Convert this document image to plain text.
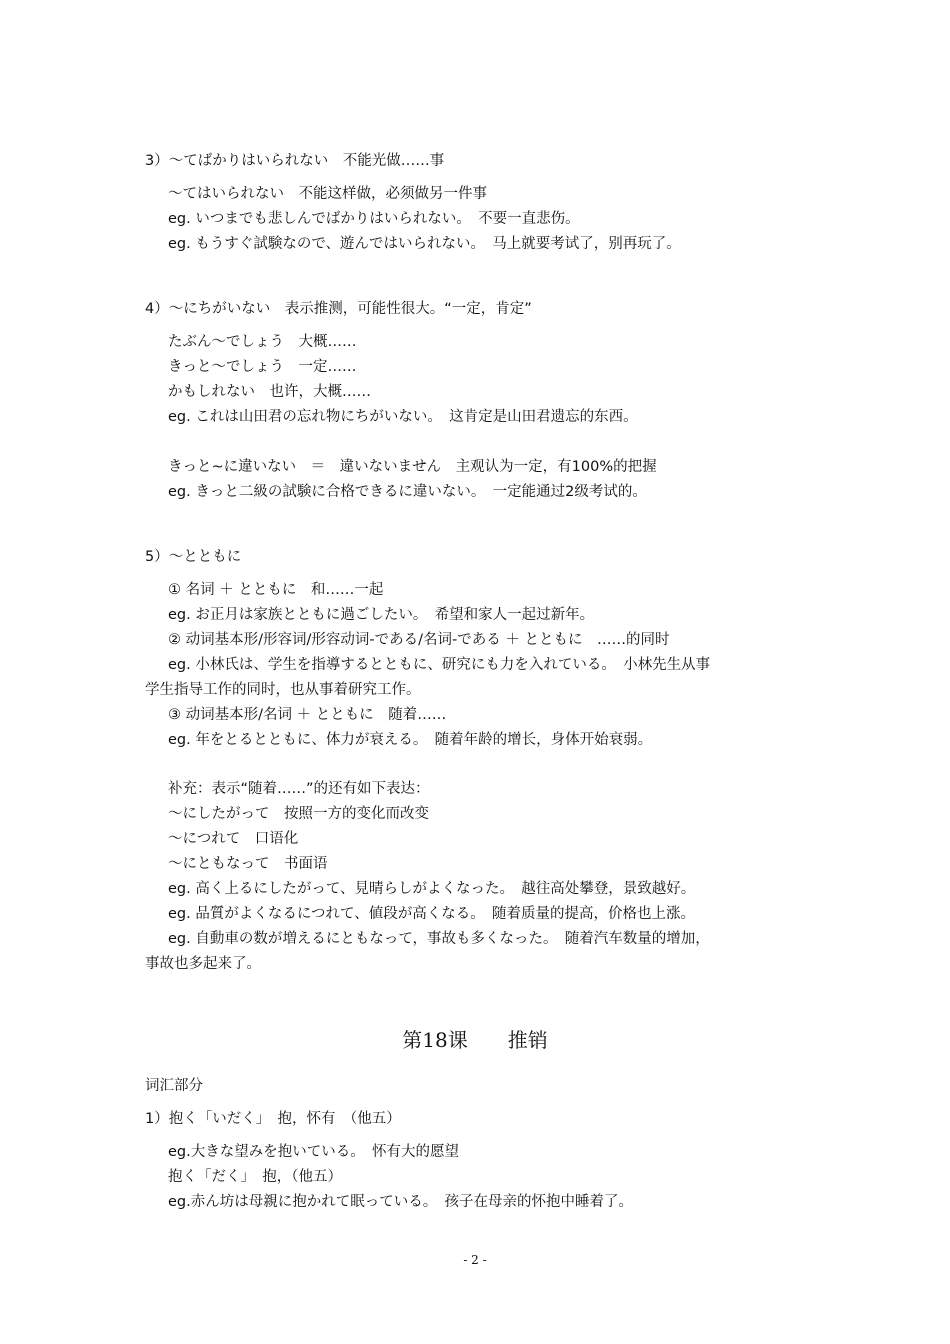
3）～てばかりはいられない　不能光做……事
～てはいられない　不能这样做，必须做另一件事
eg. いつまでも悲しんでばかりはいられない。　不要一直悲伤。
eg. もうすぐ試験なので、遊んではいられない。　马上就要考试了，别再玩了。
4）～にちがいない　表示推测，可能性很大。“一定，肯定”
たぶん～でしょう　大概……
きっと～でしょう　一定……
かもしれない　也许，大概……
eg. これは山田君の忘れ物にちがいない。　这肯定是山田君遗忘的东西。
きっと~に違いない　＝　違いないません　主观认为一定，有100%的把握
eg. きっと二級の試験に合格できるに違いない。　一定能通过2级考试的。
5）～とともに
① 名词 ＋ とともに　和……一起
eg. お正月は家族とともに過ごしたい。　希望和家人一起过新年。
② 动词基本形/形容词/形容动词-である/名词-である ＋ とともに　……的同时
eg. 小林氏は、学生を指導するとともに、研究にも力を入れている。　小林先生从事
学生指导工作的同时，也从事着研究工作。
③ 动词基本形/名词 ＋ とともに　随着……
eg. 年をとるとともに、体力が衰える。　随着年龄的增长，身体开始衰弱。
补充：表示“随着……”的还有如下表达：
～にしたがって　按照一方的变化而改变
～につれて　口语化
～にともなって　书面语
eg. 高く上るにしたがって、見晴らしがよくなった。　越往高处攀登，景致越好。
eg. 品質がよくなるにつれて、値段が高くなる。　随着质量的提高，价格也上涨。
eg. 自動車の数が増えるにともなって，事故も多くなった。　随着汽车数量的增加，
事故也多起来了。
第18课　　推销
词汇部分
1）抱く「いだく」　抱，怀有　（他五）
eg.大きな望みを抱いている。　怀有大的愿望
抱く「だく」　抱，（他五）
eg.赤ん坊は母親に抱かれて眠っている。　孩子在母亲的怀抱中睡着了。
- 2 -
